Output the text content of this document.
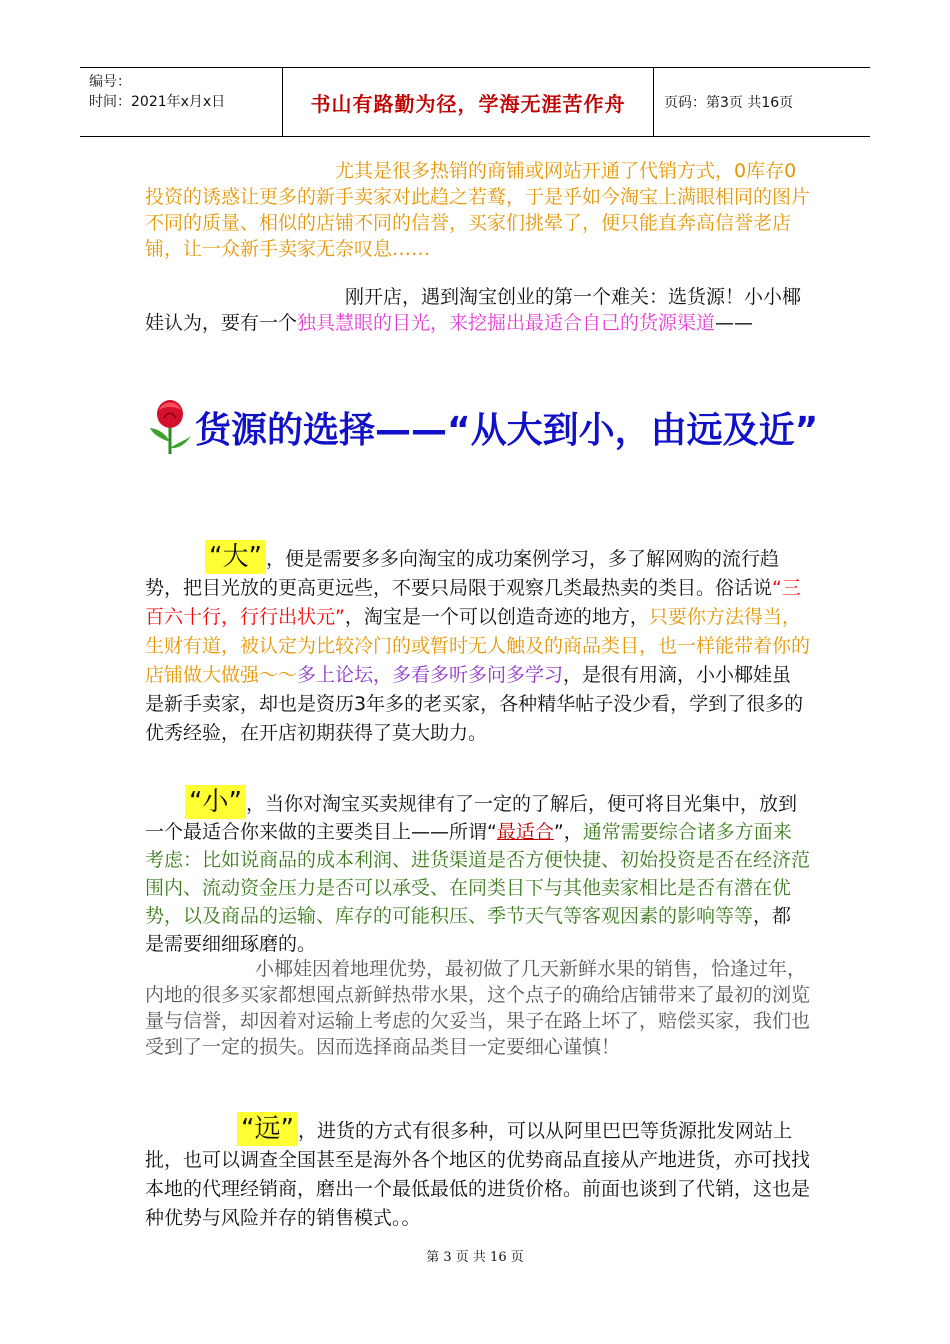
编号：
时间：2021年x月x日	书山有路勤为径，学海无涯苦作舟	页码：第3页 共16页

尤其是很多热销的商铺或网站开通了代销方式，0库存0投资的诱惑让更多的新手卖家对此趋之若鹜，于是乎如今淘宝上满眼相同的图片不同的质量、相似的店铺不同的信誉，买家们挑晕了，便只能直奔高信誉老店铺，让一众新手卖家无奈叹息……

刚开店，遇到淘宝创业的第一个难关：选货源！小小椰娃认为，要有一个独具慧眼的目光，来挖掘出最适合自己的货源渠道——

货源的选择——“从大到小，由远及近”

“大” ，便是需要多多向淘宝的成功案例学习，多了解网购的流行趋势，把目光放的更高更远些，不要只局限于观察几类最热卖的类目。俗话说“三百六十行，行行出状元”，淘宝是一个可以创造奇迹的地方，只要你方法得当，生财有道，被认定为比较冷门的或暂时无人触及的商品类目，也一样能带着你的店铺做大做强～～多上论坛，多看多听多问多学习，是很有用滴，小小椰娃虽是新手卖家，却也是资历3年多的老买家，各种精华帖子没少看，学到了很多的优秀经验，在开店初期获得了莫大助力。

“小” ，当你对淘宝买卖规律有了一定的了解后，便可将目光集中，放到一个最适合你来做的主要类目上——所谓“最适合”，通常需要综合诸多方面来考虑：比如说商品的成本利润、进货渠道是否方便快捷、初始投资是否在经济范围内、流动资金压力是否可以承受、在同类目下与其他卖家相比是否有潜在优势，以及商品的运输、库存的可能积压、季节天气等客观因素的影响等等，都是需要细细琢磨的。

小椰娃因着地理优势，最初做了几天新鲜水果的销售，恰逢过年，内地的很多买家都想囤点新鲜热带水果，这个点子的确给店铺带来了最初的浏览量与信誉，却因着对运输上考虑的欠妥当，果子在路上坏了，赔偿买家，我们也受到了一定的损失。因而选择商品类目一定要细心谨慎！

“远” ，进货的方式有很多种，可以从阿里巴巴等货源批发网站上批，也可以调查全国甚至是海外各个地区的优势商品直接从产地进货，亦可找找本地的代理经销商，磨出一个最低最低的进货价格。前面也谈到了代销，这也是种优势与风险并存的销售模式。。

第 3 页 共 16 页
